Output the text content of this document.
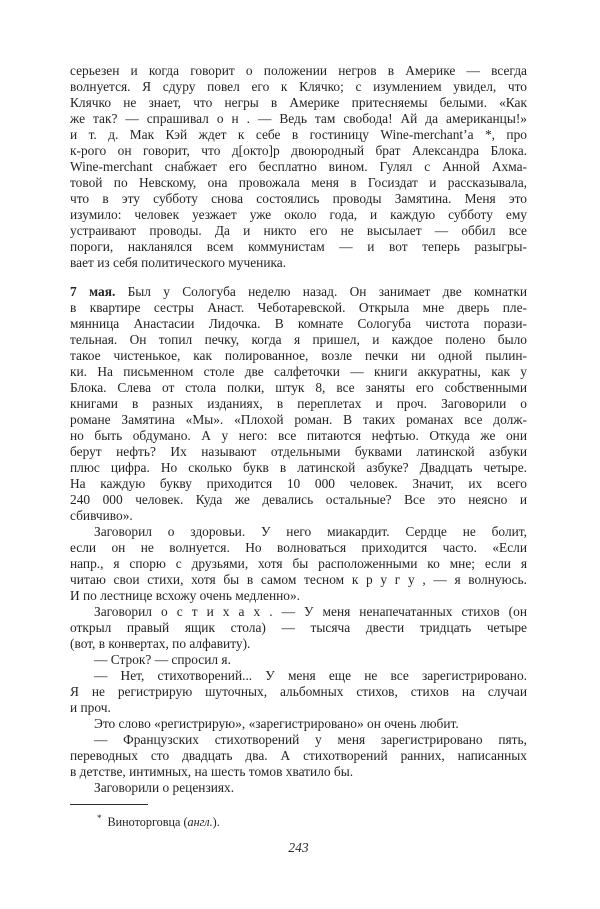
серьезен и когда говорит о положении негров в Америке — всегда
волнуется. Я сдуру повел его к Клячко; с изумлением увидел, что
Клячко не знает, что негры в Америке притесняемы белыми. «Как
же так? — спрашивал о н . — Ведь там свобода! Ай да американцы!»
и т. д. Мак Кэй ждет к себе в гостиницу Wine-merchant’а *, про
к-рого он говорит, что д[окто]р двоюродный брат Александра Блока.
Wine-merchant снабжает его бесплатно вином. Гулял с Анной Ахма-
товой по Невскому, она провожала меня в Госиздат и рассказывала,
что в эту субботу снова состоялись проводы Замятина. Меня это
изумило: человек уезжает уже около года, и каждую субботу ему
устраивают проводы. Да и никто его не высылает — оббил все
пороги, накланялся всем коммунистам — и вот теперь разыгры-
вает из себя политического мученика.

7 мая. Был у Сологуба неделю назад. Он занимает две комнатки
в квартире сестры Анаст. Чеботаревской. Открыла мне дверь пле-
мянница Анастасии Лидочка. В комнате Сологуба чистота порази-
тельная. Он топил печку, когда я пришел, и каждое полено было
такое чистенькое, как полированное, возле печки ни одной пылин-
ки. На письменном столе две салфеточки — книги аккуратны, как у
Блока. Слева от стола полки, штук 8, все заняты его собственными
книгами в разных изданиях, в переплетах и проч. Заговорили о
романе Замятина «Мы». «Плохой роман. В таких романах все долж-
но быть обдумано. А у него: все питаются нефтью. Откуда же они
берут нефть? Их называют отдельными буквами латинской азбуки
плюс цифра. Но сколько букв в латинской азбуке? Двадцать четыре.
На каждую букву приходится 10 000 человек. Значит, их всего
240 000 человек. Куда же девались остальные? Все это неясно и
сбивчиво».

Заговорил о здоровьи. У него миакардит. Сердце не болит,
если он не волнуется. Но волноваться приходится часто. «Если
напр., я спорю с друзьями, хотя бы расположенными ко мне; если я
читаю свои стихи, хотя бы в самом тесном к р у г у , — я волнуюсь.
И по лестнице всхожу очень медленно».

Заговорил о с т и х а х . — У меня ненапечатанных стихов (он
открыл правый ящик стола) — тысяча двести тридцать четыре
(вот, в конвертах, по алфавиту).

— Строк? — спросил я.

— Нет, стихотворений... У меня еще не все зарегистрировано.
Я не регистрирую шуточных, альбомных стихов, стихов на случаи
и проч.

Это слово «регистрирую», «зарегистрировано» он очень любит.

— Французских стихотворений у меня зарегистрировано пять,
переводных сто двадцать два. А стихотворений ранних, написанных
в детстве, интимных, на шесть томов хватило бы.

Заговорили о рецензиях.

* Виноторговца (англ.).
243
